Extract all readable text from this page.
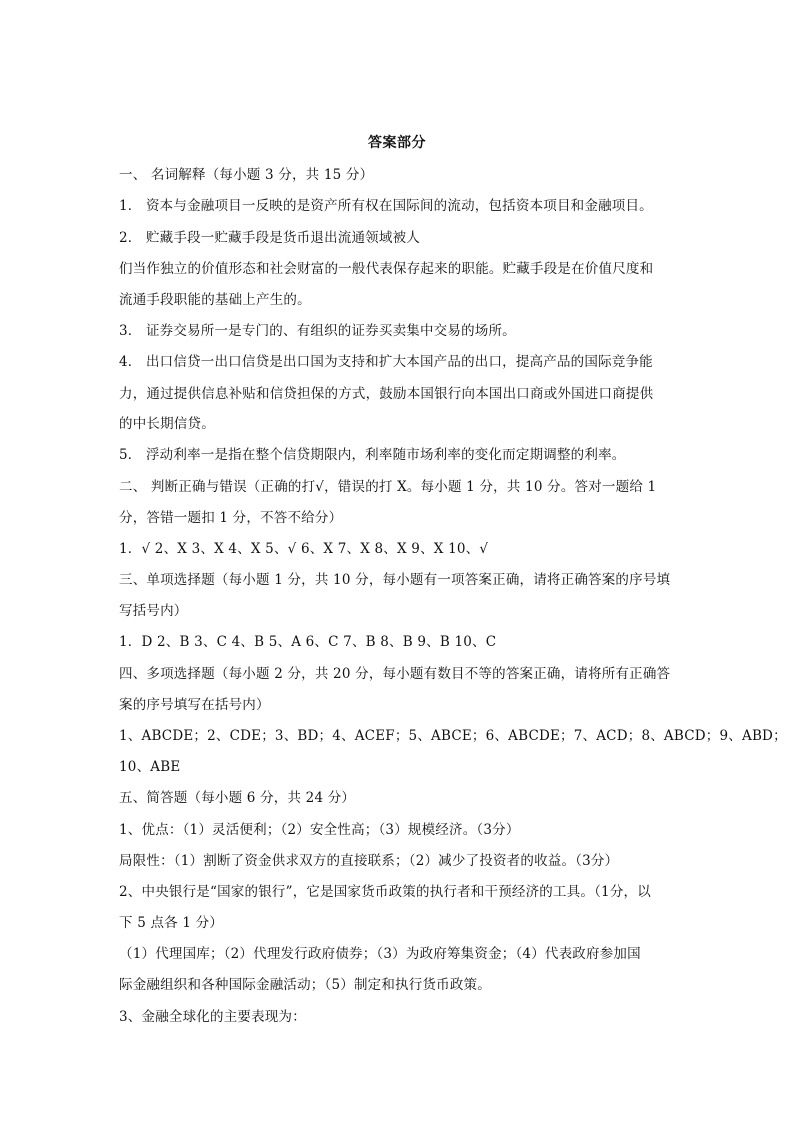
答案部分
一、 名词解释（每小题 3 分，共 15 分）
1． 资本与金融项目一反映的是资产所有权在国际间的流动，包括资本项目和金融项目。
2． 贮藏手段一贮藏手段是货币退出流通领域被人
们当作独立的价值形态和社会财富的一般代表保存起来的职能。贮藏手段是在价值尺度和
流通手段职能的基础上产生的。
3． 证券交易所一是专门的、有组织的证券买卖集中交易的场所。
4． 出口信贷一出口信贷是出口国为支持和扩大本国产品的出口，提高产品的国际竞争能
力，通过提供信息补贴和信贷担保的方式，鼓励本国银行向本国出口商或外国进口商提供
的中长期信贷。
5． 浮动利率一是指在整个信贷期限内，利率随市场利率的变化而定期调整的利率。
二、 判断正确与错误（正确的打√，错误的打 X。每小题 1 分，共 10 分。答对一题给 1
分，答错一题扣 1 分，不答不给分）
1．√ 2、X 3、X 4、X 5、√ 6、X 7、X 8、X 9、X 10、√
三、单项选择题（每小题 1 分，共 10 分，每小题有一项答案正确，请将正确答案的序号填
写括号内）
1．D 2、B 3、C 4、B 5、A 6、C 7、B 8、B 9、B 10、C
四、多项选择题（每小题 2 分，共 20 分，每小题有数目不等的答案正确，请将所有正确答
案的序号填写在括号内）
1、ABCDE；2、CDE；3、BD；4、ACEF；5、ABCE；6、ABCDE；7、ACD；8、ABCD；9、ABD；
10、ABE
五、简答题（每小题 6 分，共 24 分）
1、优点：（1）灵活便利；（2）安全性高；（3）规模经济。（3分）
局限性：（1）割断了资金供求双方的直接联系；（2）减少了投资者的收益。（3分）
2、中央银行是“国家的银行”，它是国家货币政策的执行者和干预经济的工具。（1分，以
下 5 点各 1 分）
（1）代理国库；（2）代理发行政府债券；（3）为政府筹集资金；（4）代表政府参加国
际金融组织和各种国际金融活动；（5）制定和执行货币政策。
3、金融全球化的主要表现为：
